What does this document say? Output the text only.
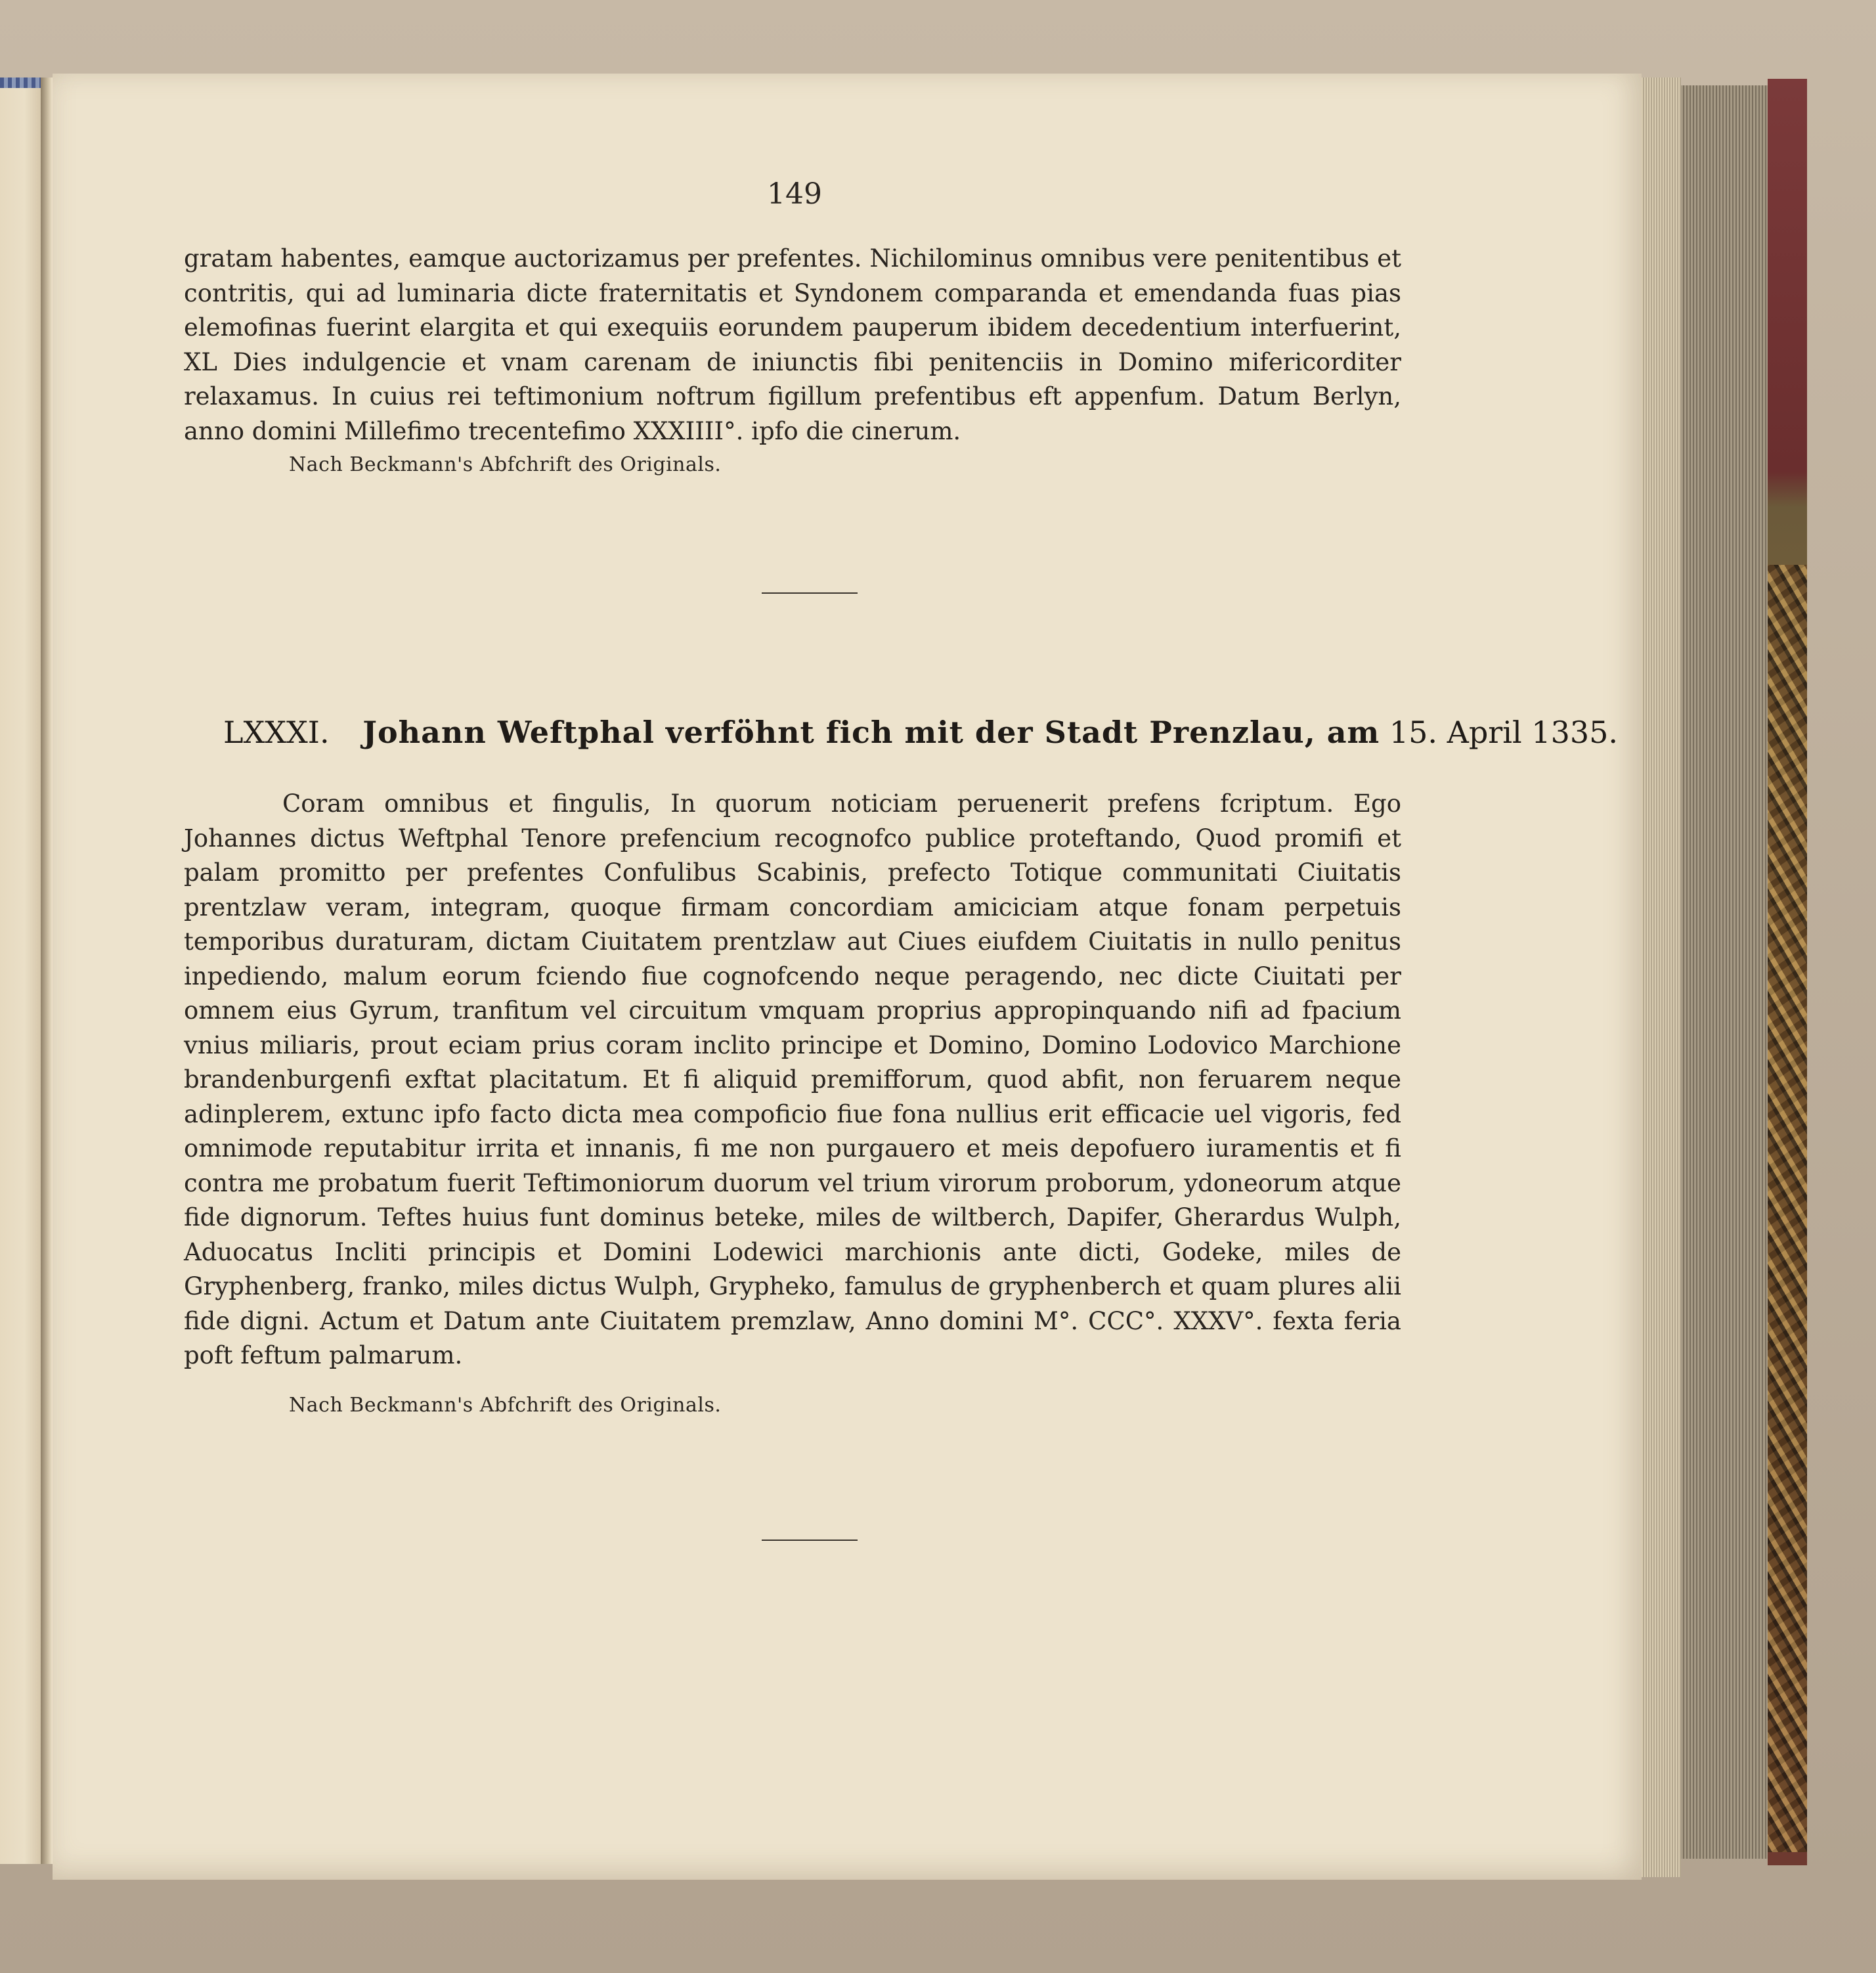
149

gratam habentes, eamque auctorizamus per prefentes. Nichilominus omnibus vere penitentibus et contritis, qui ad luminaria dicte fraternitatis et Syndonem comparanda et emendanda fuas pias elemofinas fuerint elargita et qui exequiis eorundem pauperum ibidem decedentium interfuerint, XL Dies indulgencie et vnam carenam de iniunctis fibi penitenciis in Domino mifericorditer relaxamus. In cuius rei teftimonium noftrum figillum prefentibus eft appenfum. Datum Berlyn, anno domini Millefimo trecentefimo XXXIIII°. ipfo die cinerum.

Nach Beckmann's Abfchrift des Originals.
LXXXI. Johann Weftphal verföhnt fich mit der Stadt Prenzlau, am 15. April 1335.

Coram omnibus et fingulis, In quorum noticiam peruenerit prefens fcriptum. Ego Johannes dictus Weftphal Tenore prefencium recognofco publice proteftando, Quod promifi et palam promitto per prefentes Confulibus Scabinis, prefecto Totique communitati Ciuitatis prentzlaw veram, integram, quoque firmam concordiam amiciciam atque fonam perpetuis temporibus duraturam, dictam Ciuitatem prentzlaw aut Ciues eiufdem Ciuitatis in nullo penitus inpediendo, malum eorum fciendo fiue cognofcendo neque peragendo, nec dicte Ciuitati per omnem eius Gyrum, tranfitum vel circuitum vmquam proprius appropinquando nifi ad fpacium vnius miliaris, prout eciam prius coram inclito principe et Domino, Domino Lodovico Marchione brandenburgenfi exftat placitatum. Et fi aliquid premifforum, quod abfit, non feruarem neque adinplerem, extunc ipfo facto dicta mea compoficio fiue fona nullius erit efficacie uel vigoris, fed omnimode reputabitur irrita et innanis, fi me non purgauero et meis depofuero iuramentis et fi contra me probatum fuerit Teftimoniorum duorum vel trium virorum proborum, ydoneorum atque fide dignorum. Teftes huius funt dominus beteke, miles de wiltberch, Dapifer, Gherardus Wulph, Aduocatus Incliti principis et Domini Lodewici marchionis ante dicti, Godeke, miles de Gryphenberg, franko, miles dictus Wulph, Grypheko, famulus de gryphenberch et quam plures alii fide digni. Actum et Datum ante Ciuitatem premzlaw, Anno domini M°. CCC°. XXXV°. fexta feria poft feftum palmarum.

Nach Beckmann's Abfchrift des Originals.
